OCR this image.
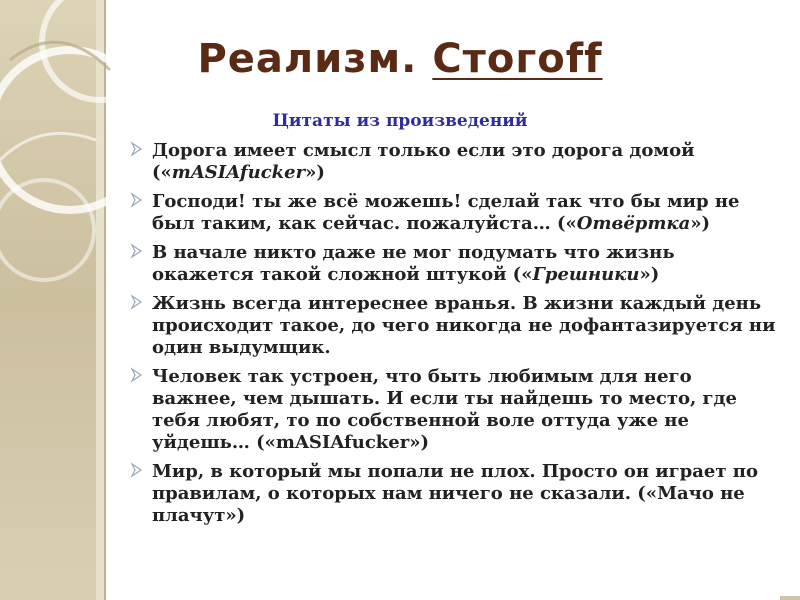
Реализм. Стогоff
Цитаты из произведений
Дорога имеет смысл только если это дорога домой («mASIAfucker»)
Господи! ты же всё можешь! сделай так что бы мир не был таким, как сейчас. пожалуйста… («Отвёртка»)
В начале никто даже не мог подумать что жизнь окажется такой сложной штукой («Грешники»)
Жизнь всегда интереснее вранья. В жизни каждый день происходит такое, до чего никогда не дофантазируется ни один выдумщик.
Человек так устроен, что быть любимым для него важнее, чем дышать. И если ты найдешь то место, где тебя любят, то по собственной воле оттуда уже не уйдешь… («mASIAfucker»)
Мир, в который мы попали не плох. Просто он играет по правилам, о которых нам ничего не сказали. («Мачо не плачут»)
